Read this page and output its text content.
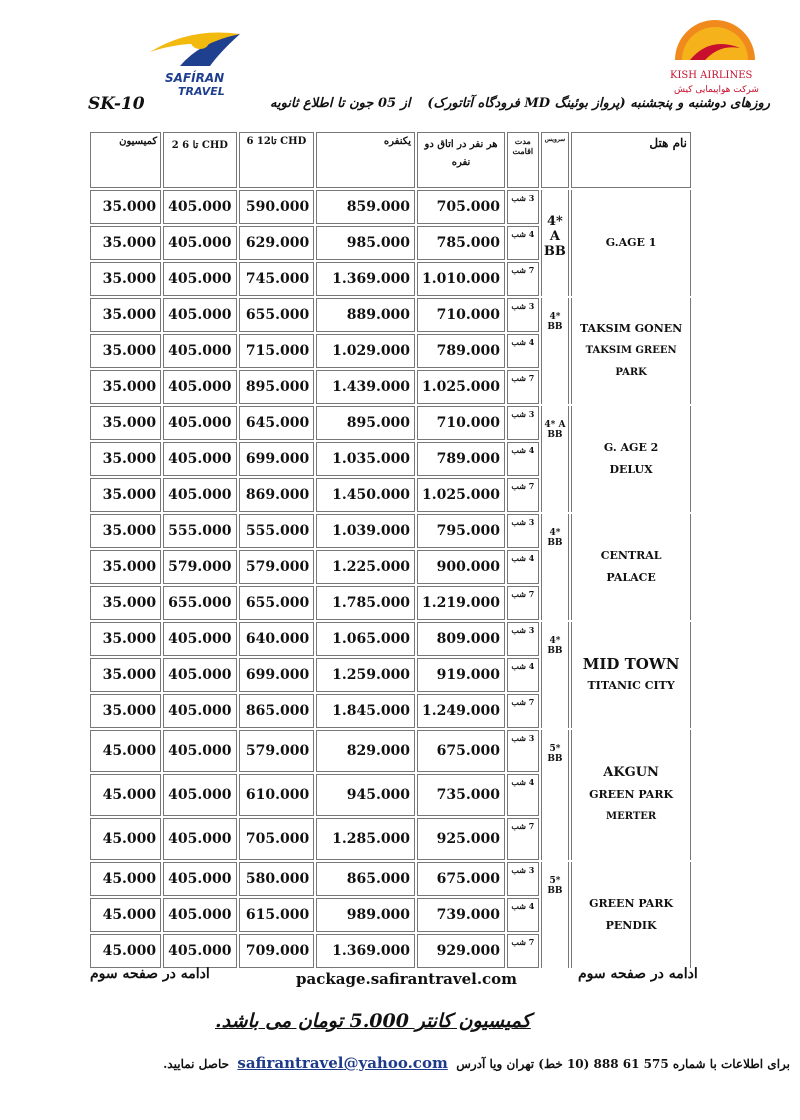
SAFÍRAN
TRAVEL
KISH AIRLINES
شرکت هواپیمایی کیش
SK-10	از 05 جون تا اطلاع ثانویه روزهای دوشنبه و پنجشنبه (پرواز بوئینگ MD فرودگاه آتاتورک)
کمیسیون	2 تا 6 CHD	6 تا12 CHD	یکنفره	هر نفر در اتاق دو نفره	مدت اقامت	سرویس	نام هتل
35.000	405.000	590.000	859.000	705.000	3 شب	4* A BB	G.AGE 1

35.000	405.000	629.000	985.000	785.000	4 شب		
35.000	405.000	745.000	1.369.000	1.010.000	7 شب		
35.000	405.000	655.000	889.000	710.000	3 شب	4* BB	TAKSIM GONEN
TAKSIM GREEN PARK

35.000	405.000	715.000	1.029.000	789.000	4 شب		
35.000	405.000	895.000	1.439.000	1.025.000	7 شب		
35.000	405.000	645.000	895.000	710.000	3 شب	4* A BB	G. AGE 2
DELUX

35.000	405.000	699.000	1.035.000	789.000	4 شب		
35.000	405.000	869.000	1.450.000	1.025.000	7 شب		
35.000	555.000	555.000	1.039.000	795.000	3 شب	4* BB	CENTRAL
PALACE

35.000	579.000	579.000	1.225.000	900.000	4 شب		
35.000	655.000	655.000	1.785.000	1.219.000	7 شب		
35.000	405.000	640.000	1.065.000	809.000	3 شب	4* BB	MID TOWN
TITANIC CITY

35.000	405.000	699.000	1.259.000	919.000	4 شب		
35.000	405.000	865.000	1.845.000	1.249.000	7 شب		
45.000	405.000	579.000	829.000	675.000	3 شب	5* BB	AKGUN
GREEN PARK
MERTER

45.000	405.000	610.000	945.000	735.000	4 شب		
45.000	405.000	705.000	1.285.000	925.000	7 شب		
45.000	405.000	580.000	865.000	675.000	3 شب	5* BB	GREEN PARK
PENDIK

45.000	405.000	615.000	989.000	739.000	4 شب		
45.000	405.000	709.000	1.369.000	929.000	7 شب		
ادامه در صفحه سوم	package.safirantravel.com	ادامه در صفحه سوم
کمیسیون کانتر 5.000 تومان می باشد.
برای اطلاعات با شماره 575 61 888 (10 خط) تهران ویا آدرس  safirantravel@yahoo.com  حاصل نمایید.
